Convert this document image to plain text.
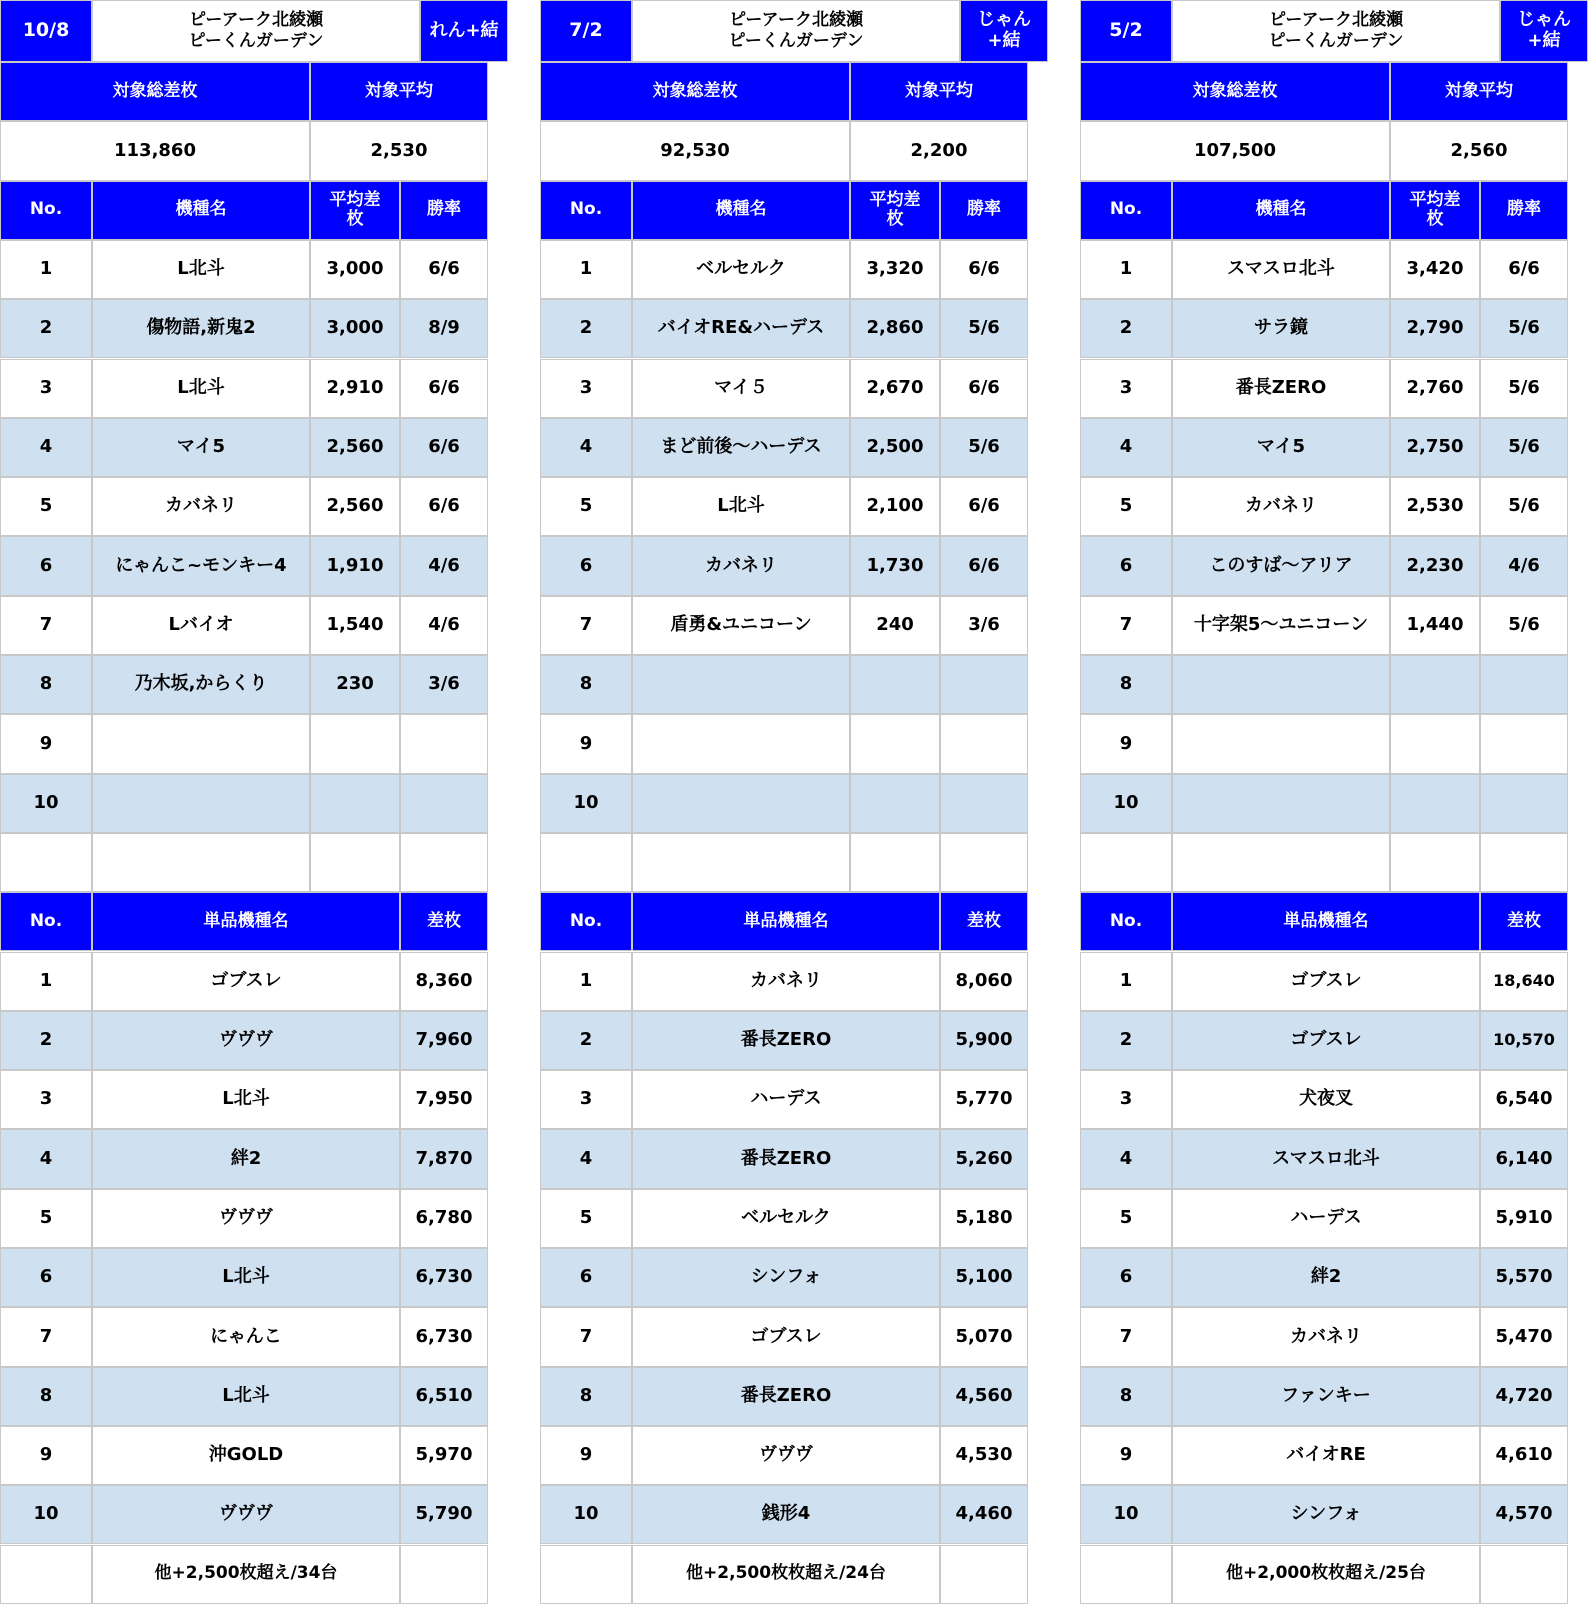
10/8	ピーアーク北綾瀬
ピーくんガーデン
れん+結
対象総差枚	対象平均
113,860	2,530
No.	機種名	平均差枚	勝率
1	L北斗	3,000	6/6
2	傷物語,新鬼2	3,000	8/9
3	L北斗	2,910	6/6
4	マイ5	2,560	6/6
5	カバネリ	2,560	6/6
6	にゃんこ~モンキー4	1,910	4/6
7	Lバイオ	1,540	4/6
8	乃木坂,からくり	230	3/6
9
10
No.	単品機種名	差枚
1	ゴブスレ	8,360
2	ヴヴヴ	7,960
3	L北斗	7,950
4	絆2	7,870
5	ヴヴヴ	6,780
6	L北斗	6,730
7	にゃんこ	6,730
8	L北斗	6,510
9	沖GOLD	5,970
10	ヴヴヴ	5,790
他+2,500枚超え/34台
7/2	ピーアーク北綾瀬
ピーくんガーデン
じゃん+結
対象総差枚	対象平均
92,530	2,200
No.	機種名	平均差枚	勝率
1	ベルセルク	3,320	6/6
2	バイオRE&ハーデス	2,860	5/6
3	マイ５	2,670	6/6
4	まど前後～ハーデス	2,500	5/6
5	L北斗	2,100	6/6
6	カバネリ	1,730	6/6
7	盾勇&ユニコーン	240	3/6
8
9
10
No.	単品機種名	差枚
1	カバネリ	8,060
2	番長ZERO	5,900
3	ハーデス	5,770
4	番長ZERO	5,260
5	ベルセルク	5,180
6	シンフォ	5,100
7	ゴブスレ	5,070
8	番長ZERO	4,560
9	ヴヴヴ	4,530
10	銭形4	4,460
他+2,500枚枚超え/24台
5/2	ピーアーク北綾瀬
ピーくんガーデン
じゃん+結
対象総差枚	対象平均
107,500	2,560
No.	機種名	平均差枚	勝率
1	スマスロ北斗	3,420	6/6
2	サラ鏡	2,790	5/6
3	番長ZERO	2,760	5/6
4	マイ5	2,750	5/6
5	カバネリ	2,530	5/6
6	このすば～アリア	2,230	4/6
7	十字架5～ユニコーン	1,440	5/6
8
9
10
No.	単品機種名	差枚
1	ゴブスレ	18,640
2	ゴブスレ	10,570
3	犬夜叉	6,540
4	スマスロ北斗	6,140
5	ハーデス	5,910
6	絆2	5,570
7	カバネリ	5,470
8	ファンキー	4,720
9	バイオRE	4,610
10	シンフォ	4,570
他+2,000枚枚超え/25台
